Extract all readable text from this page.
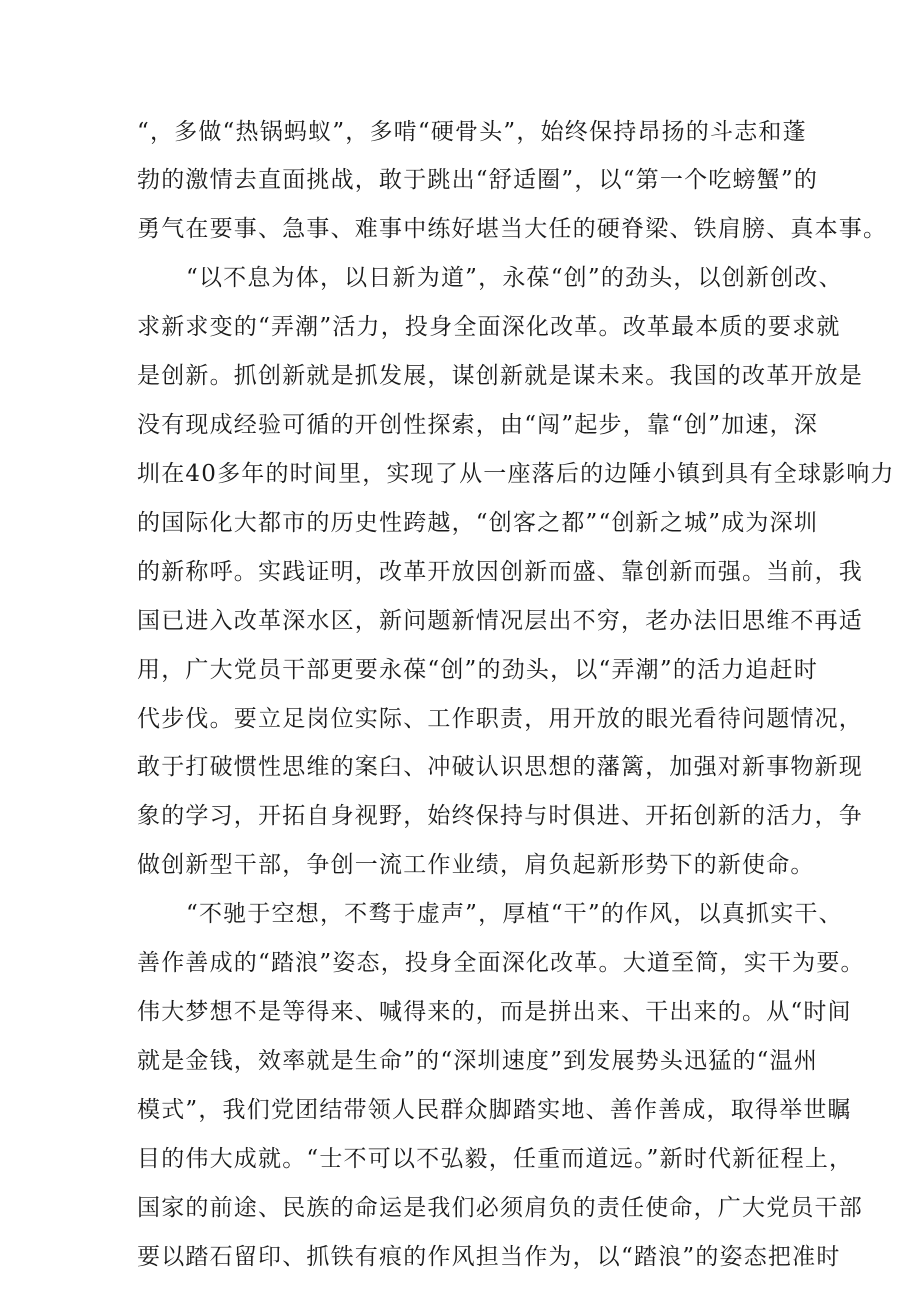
“，多做“热锅蚂蚁”，多啃“硬骨头”，始终保持昂扬的斗志和蓬
勃的激情去直面挑战，敢于跳出“舒适圈”，以“第一个吃螃蟹”的
勇气在要事、急事、难事中练好堪当大任的硬脊梁、铁肩膀、真本事。
“以不息为体，以日新为道”，永葆“创”的劲头，以创新创改、
求新求变的“弄潮”活力，投身全面深化改革。改革最本质的要求就
是创新。抓创新就是抓发展，谋创新就是谋未来。我国的改革开放是
没有现成经验可循的开创性探索，由“闯”起步，靠“创”加速，深
圳在40多年的时间里，实现了从一座落后的边陲小镇到具有全球影响力
的国际化大都市的历史性跨越，“创客之都”“创新之城”成为深圳
的新称呼。实践证明，改革开放因创新而盛、靠创新而强。当前，我
国已进入改革深水区，新问题新情况层出不穷，老办法旧思维不再适
用，广大党员干部更要永葆“创”的劲头，以“弄潮”的活力追赶时
代步伐。要立足岗位实际、工作职责，用开放的眼光看待问题情况，
敢于打破惯性思维的案臼、冲破认识思想的藩篱，加强对新事物新现
象的学习，开拓自身视野，始终保持与时俱进、开拓创新的活力，争
做创新型干部，争创一流工作业绩，肩负起新形势下的新使命。
“不驰于空想，不骛于虚声”，厚植“干”的作风，以真抓实干、
善作善成的“踏浪”姿态，投身全面深化改革。大道至简，实干为要。
伟大梦想不是等得来、喊得来的，而是拼出来、干出来的。从“时间
就是金钱，效率就是生命”的“深圳速度”到发展势头迅猛的“温州
模式”，我们党团结带领人民群众脚踏实地、善作善成，取得举世瞩
目的伟大成就。“士不可以不弘毅，任重而道远。”新时代新征程上，
国家的前途、民族的命运是我们必须肩负的责任使命，广大党员干部
要以踏石留印、抓铁有痕的作风担当作为，以“踏浪”的姿态把准时
